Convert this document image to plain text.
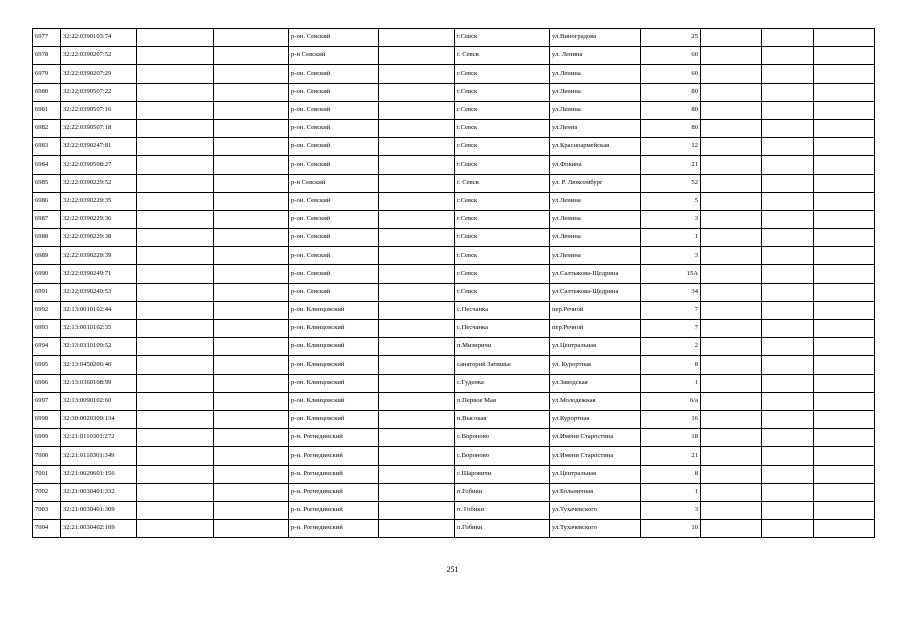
6977	32:22:0390103:74			р-он. Севский		г.Севск	ул.Виноградова	25			
6978	32:22:0390207:52			р-н Севский		г. Севск	ул. Ленина	60			
6979	32:22:0390207:29			р-он. Севский		г.Севск	ул.Ленина	60			
6980	32:22:0390507:22			р-он. Севский		г.Севск	ул.Ленина	80			
6981	32:22:0390507:16			р-он. Севский		г.Севск	ул.Ленина	80			
6982	32:22:0390507:18			р-он. Севский		г.Севск	ул.Ленна	80			
6983	32:22:0390247:81			р-он. Севский		г.Севск	ул.Красноармейская	12			
6984	32:22:0390508:27			р-он. Севский		г.Севск	ул.Фокина	21			
6985	32:22:0390229:52			р-н Севский		г. Севск	ул. Р. Люксембург	52			
6986	32:22:0390229:35			р-он. Севский		г.Севск	ул.Ленина	5			
6987	32:22:0390229:36			р-он. Севский		г.Севск	ул.Ленина	3			
6988	32:22:0390229:38			р-он. Севский		г.Севск	ул.Ленина	1			
6989	32:22:0390229:39			р-он. Севский		г.Севск	ул.Ленина	3			
6990	32:22:0390249:71			р-он. Севский		г.Севск	ул.Салтыкова-Щедрина	15А			
6991	32:22:0390249:53			р-он. Севский		г.Севск	ул.Салтыкова-Щедрина	34			
6992	32:13:0010102:44			р-он. Клинцовский		с.Песчанка	пер.Речной	7			
6993	32:13:0010102:35			р-он. Клинцовский		с.Песчанка	пер.Речной	7			
6994	32:13:0310109:52			р-он. Клинцовский		п.Мизиричи	ул.Центральная	2			
6995	32:13:0450206:46			р-он. Клинцовский		санаторий Затишье	ул. Курортная	8			
6996	32:13:0360108:99			р-он. Клинцовский		с.Гуденка	ул.Заводская	1			
6997	32:13:0090102:60			р-он. Клинцовский		п.Первое Мая	ул.Молодежная	6/а			
6998	32:30:0020309:134			р-он. Клинцовский		п.Высокая	ул.Курортная	16			
6999	32:21:0110301:272			р-н. Рогнединский		с.Вороново	ул.Имени Старостина	18			
7000	32:21:0110301:349			р-н. Рогнединский		с.Вороново	ул.Имени Старостина	21			
7001	32:21:0020601:156			р-н. Рогнединский		с.Шаровичи	ул.Центральная	8			
7002	32:21:0030401:332			р-н. Рогнединский		п.Гобики	ул.Больничная	1			
7003	32:21:0030401:309			р-н. Рогнединский		п. Гобики	ул.Тухачевского	3			
7004	32:21:0030402:109			р-н. Рогнединский		п.Гобики	ул.Тухачевского	10			
251
